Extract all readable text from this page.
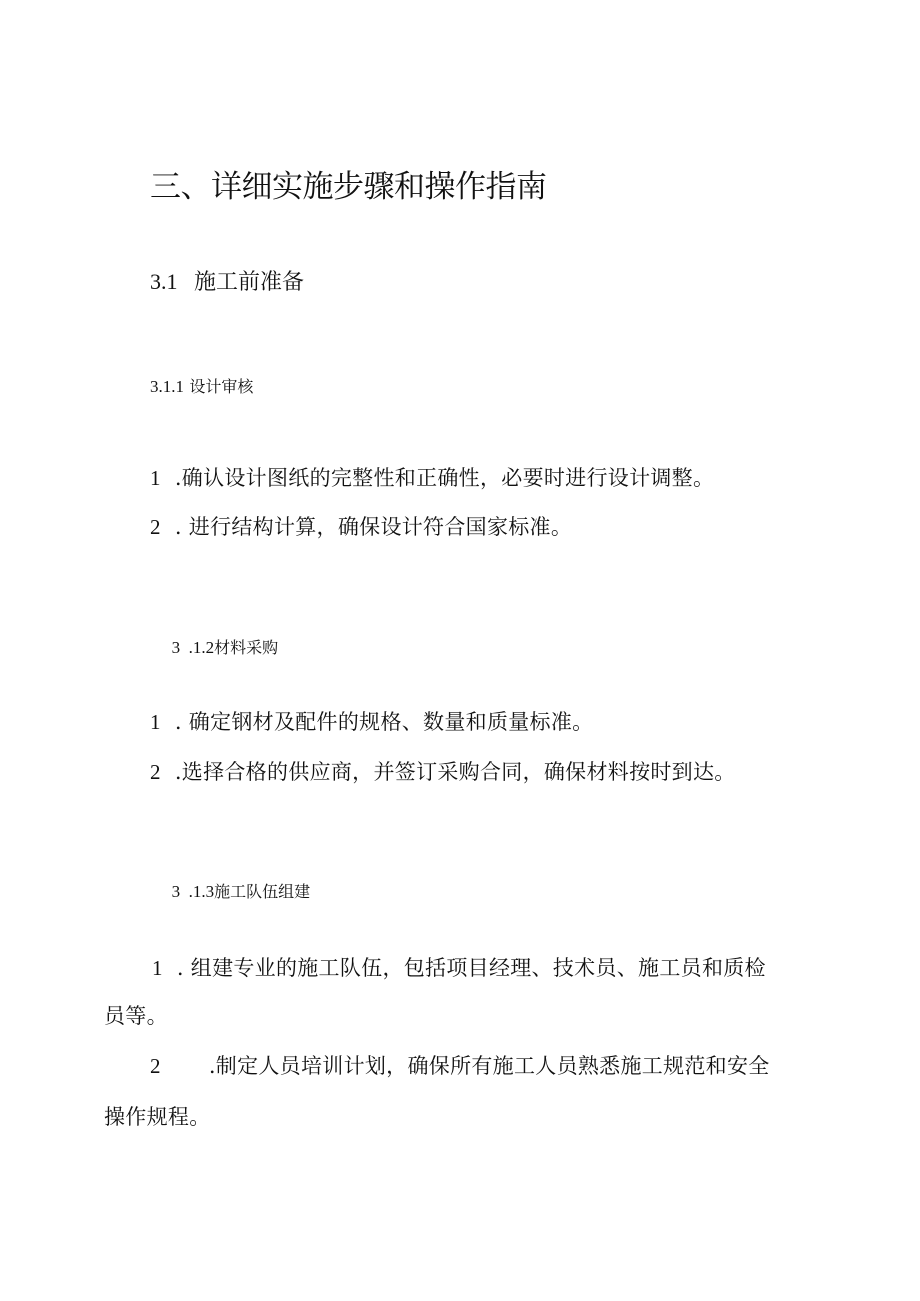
三、详细实施步骤和操作指南
3.1 施工前准备
3.1.1 设计审核
1 .确认设计图纸的完整性和正确性，必要时进行设计调整。
2 . 进行结构计算，确保设计符合国家标准。

3  .1.2材料采购

1 . 确定钢材及配件的规格、数量和质量标准。
2 .选择合格的供应商，并签订采购合同，确保材料按时到达。

3  .1.3施工队伍组建

1 . 组建专业的施工队伍，包括项目经理、技术员、施工员和质检
员等。
2 .制定人员培训计划，确保所有施工人员熟悉施工规范和安全
操作规程。
